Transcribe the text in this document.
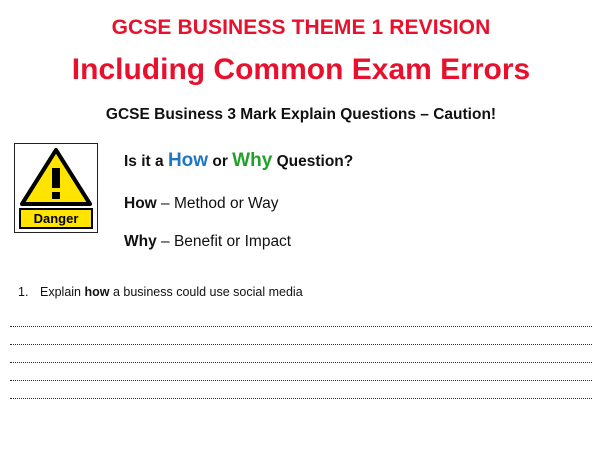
GCSE BUSINESS THEME 1 REVISION
Including Common Exam Errors
GCSE Business 3 Mark Explain Questions – Caution!
Danger
Is it a How or Why Question?
How – Method or Way
Why – Benefit or Impact
1. Explain how a business could use social media
